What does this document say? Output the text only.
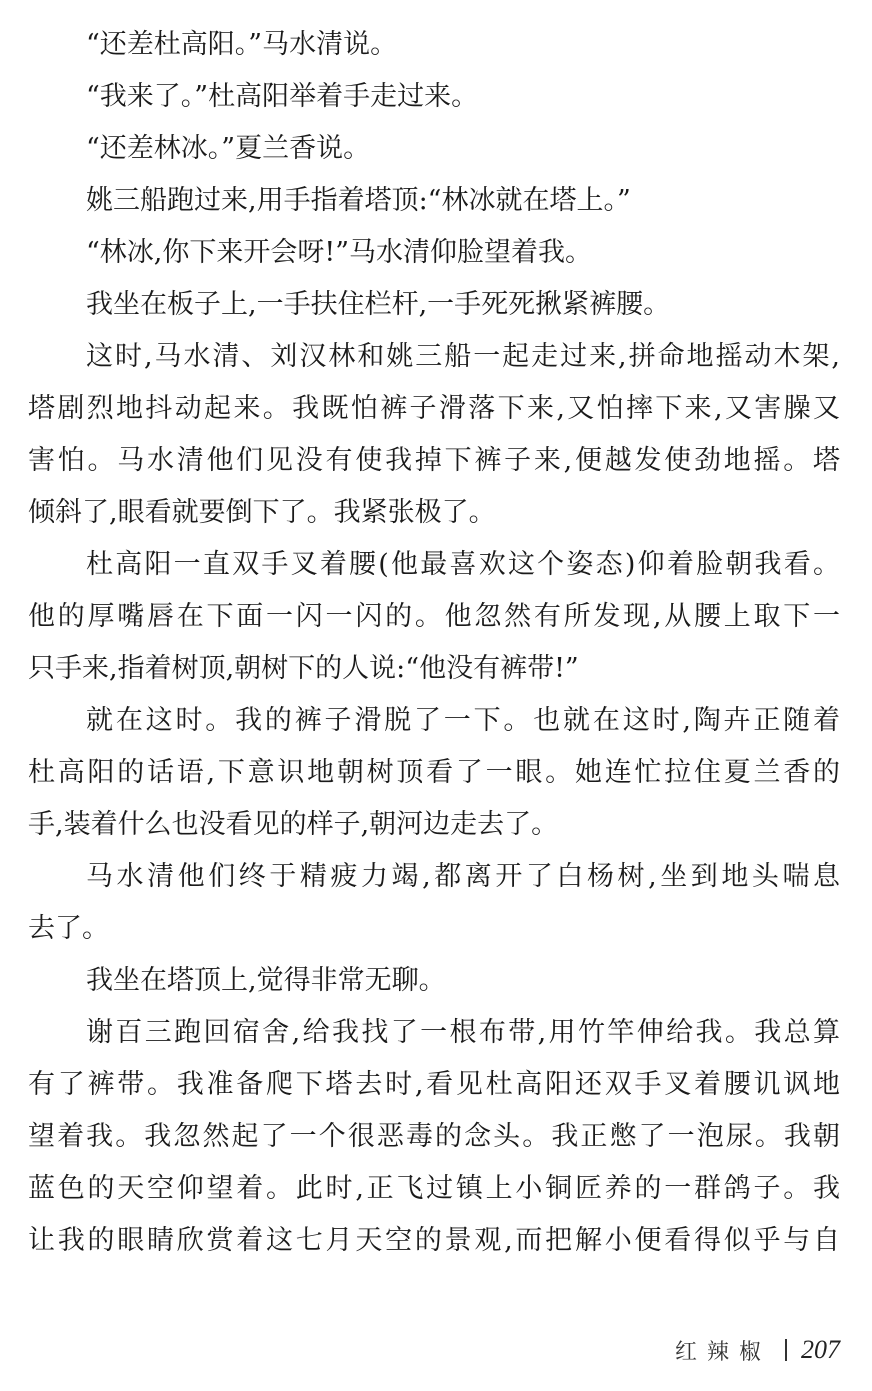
“还差杜高阳。”马水清说。
“我来了。”杜高阳举着手走过来。
“还差林冰。”夏兰香说。
姚三船跑过来,用手指着塔顶:“林冰就在塔上。”
“林冰,你下来开会呀!”马水清仰脸望着我。
我坐在板子上,一手扶住栏杆,一手死死揪紧裤腰。
这时,马水清、刘汉林和姚三船一起走过来,拼命地摇动木架,
塔剧烈地抖动起来。我既怕裤子滑落下来,又怕摔下来,又害臊又
害怕。马水清他们见没有使我掉下裤子来,便越发使劲地摇。塔
倾斜了,眼看就要倒下了。我紧张极了。
杜高阳一直双手叉着腰(他最喜欢这个姿态)仰着脸朝我看。
他的厚嘴唇在下面一闪一闪的。他忽然有所发现,从腰上取下一
只手来,指着树顶,朝树下的人说:“他没有裤带!”
就在这时。我的裤子滑脱了一下。也就在这时,陶卉正随着
杜高阳的话语,下意识地朝树顶看了一眼。她连忙拉住夏兰香的
手,装着什么也没看见的样子,朝河边走去了。
马水清他们终于精疲力竭,都离开了白杨树,坐到地头喘息
去了。
我坐在塔顶上,觉得非常无聊。
谢百三跑回宿舍,给我找了一根布带,用竹竿伸给我。我总算
有了裤带。我准备爬下塔去时,看见杜高阳还双手叉着腰讥讽地
望着我。我忽然起了一个很恶毒的念头。我正憋了一泡尿。我朝
蓝色的天空仰望着。此时,正飞过镇上小铜匠养的一群鸽子。我
让我的眼睛欣赏着这七月天空的景观,而把解小便看得似乎与自
红辣椒 207
